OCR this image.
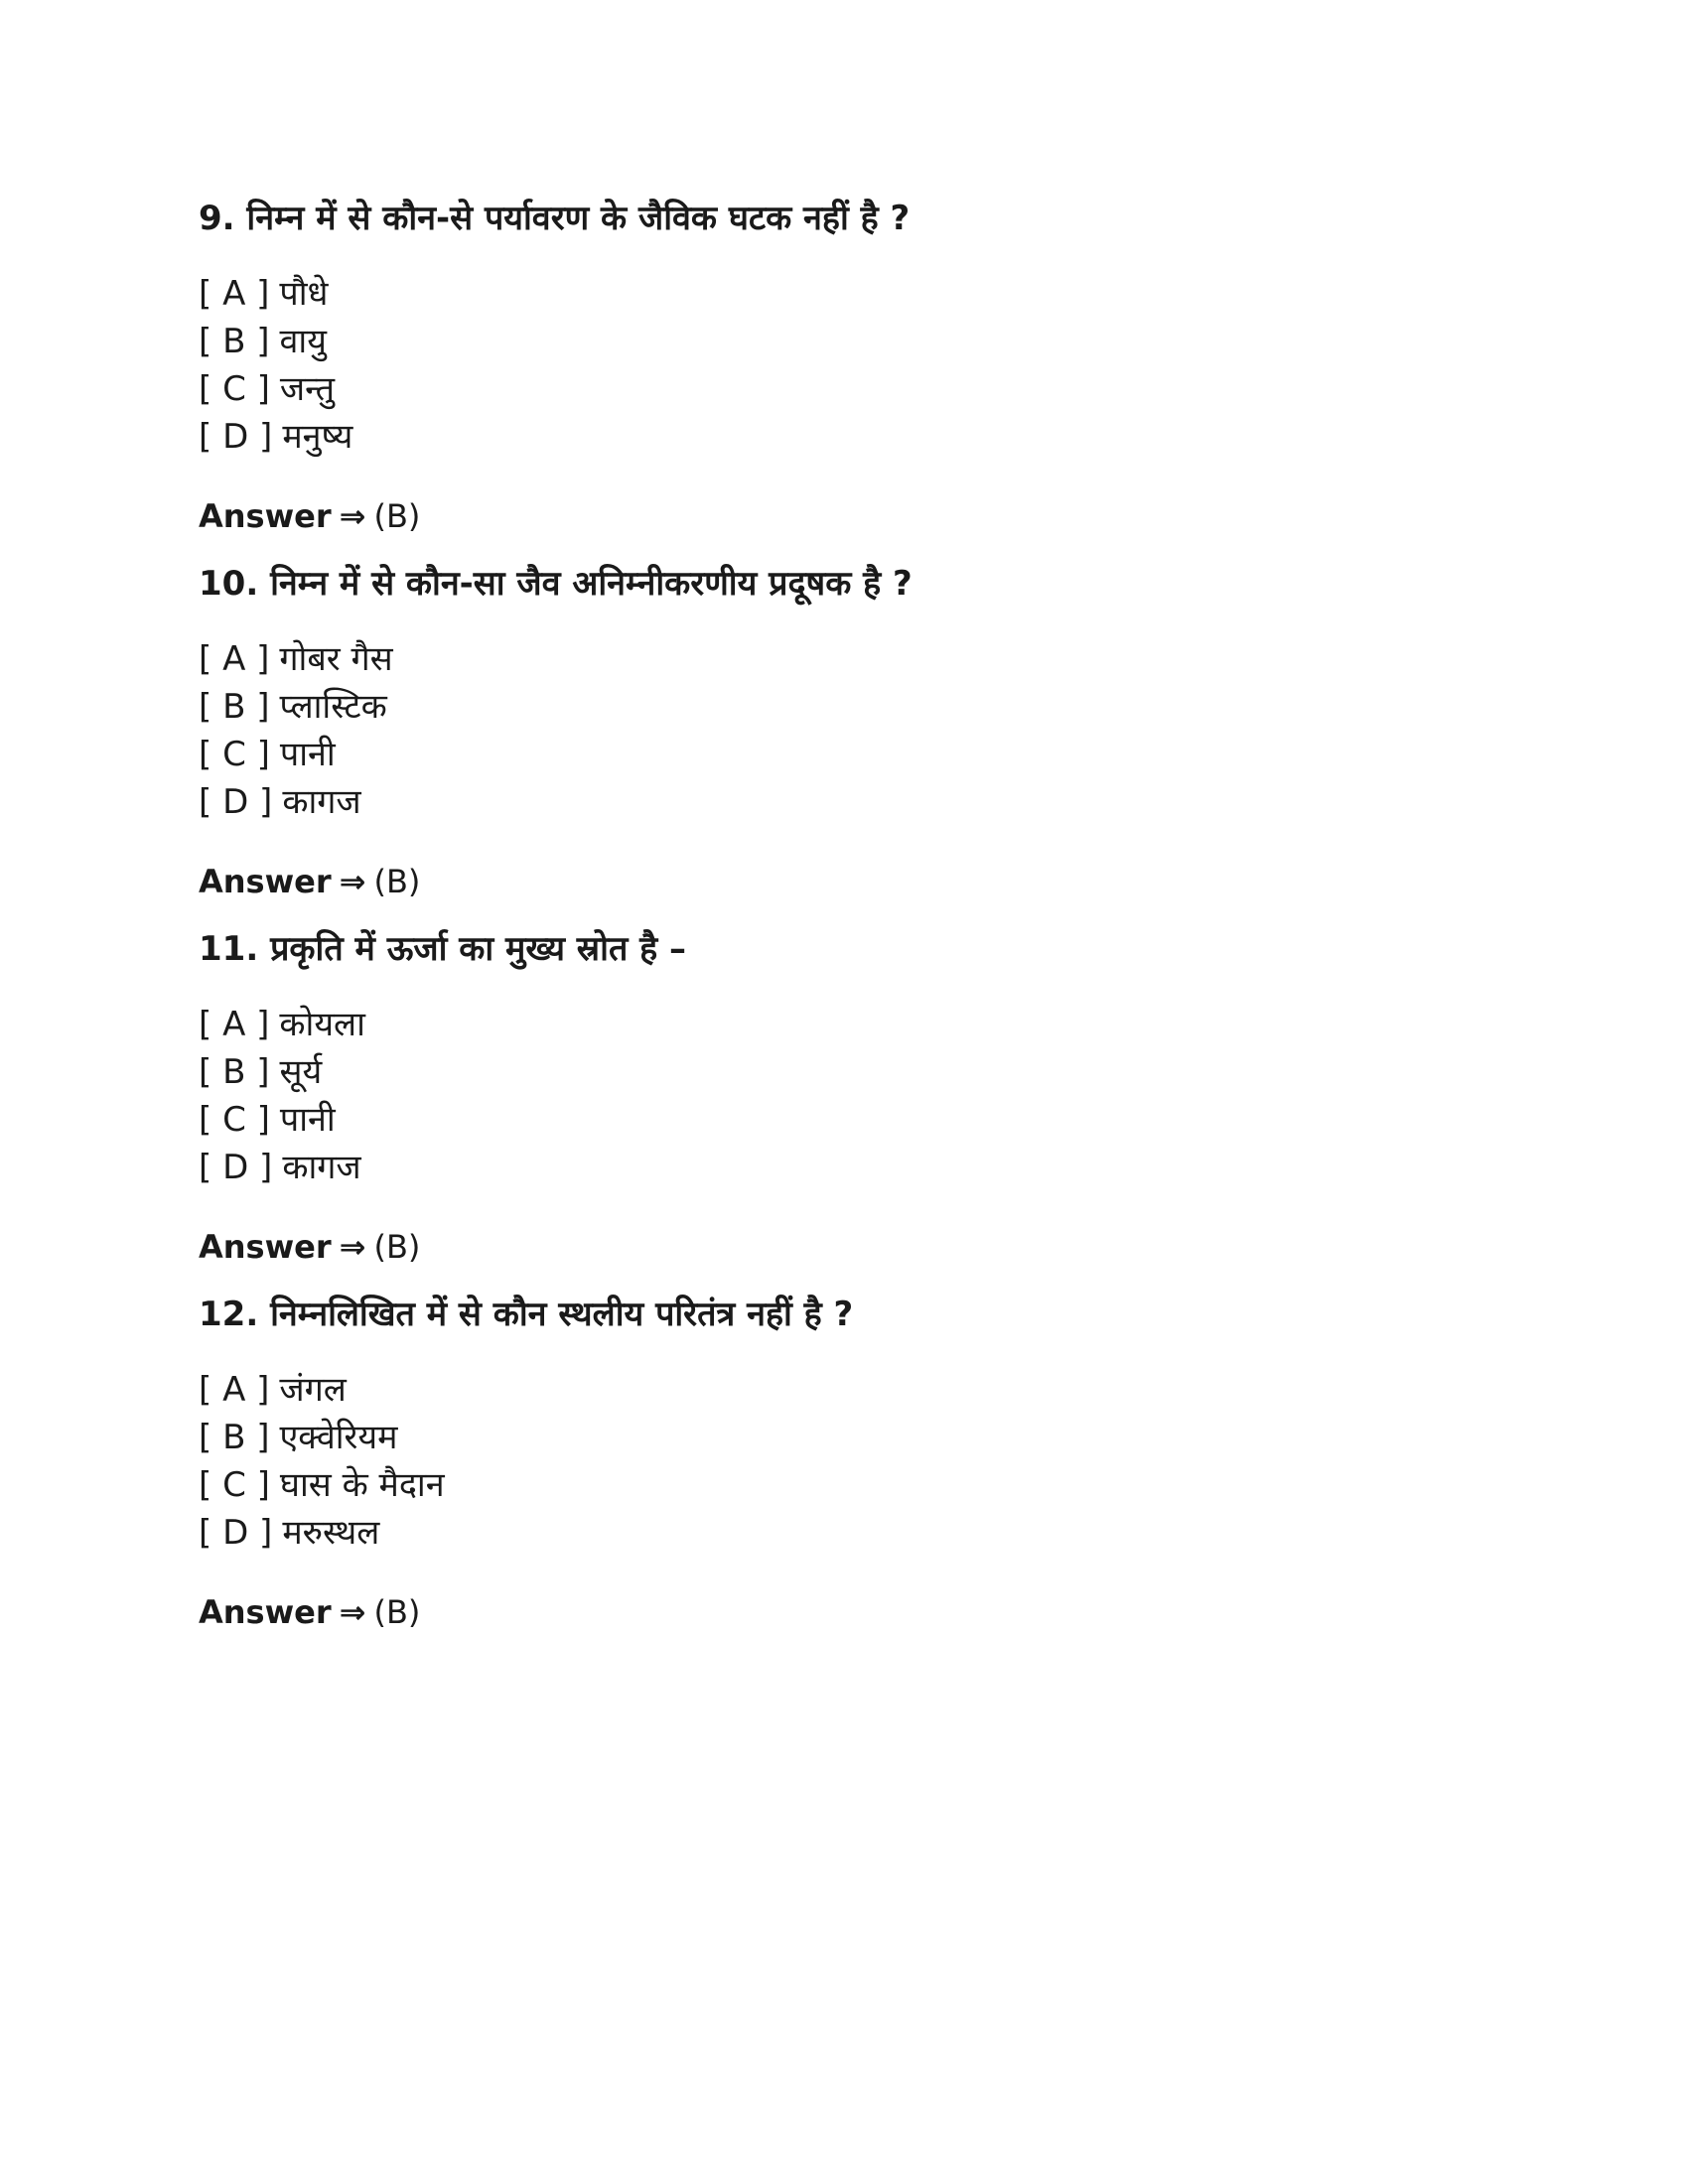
9. निम्न में से कौन-से पर्यावरण के जैविक घटक नहीं है ?

[ A ] पौधे
[ B ] वायु
[ C ] जन्तु
[ D ] मनुष्य

Answer ⇒ (B)

10. निम्न में से कौन-सा जैव अनिम्नीकरणीय प्रदूषक है ?

[ A ] गोबर गैस
[ B ] प्लास्टिक
[ C ] पानी
[ D ] कागज

Answer ⇒ (B)

11. प्रकृति में ऊर्जा का मुख्य स्रोत है –

[ A ] कोयला
[ B ] सूर्य
[ C ] पानी
[ D ] कागज

Answer ⇒ (B)

12. निम्नलिखित में से कौन स्थलीय परितंत्र नहीं है ?

[ A ] जंगल
[ B ] एक्वेरियम
[ C ] घास के मैदान
[ D ] मरुस्थल

Answer ⇒ (B)
